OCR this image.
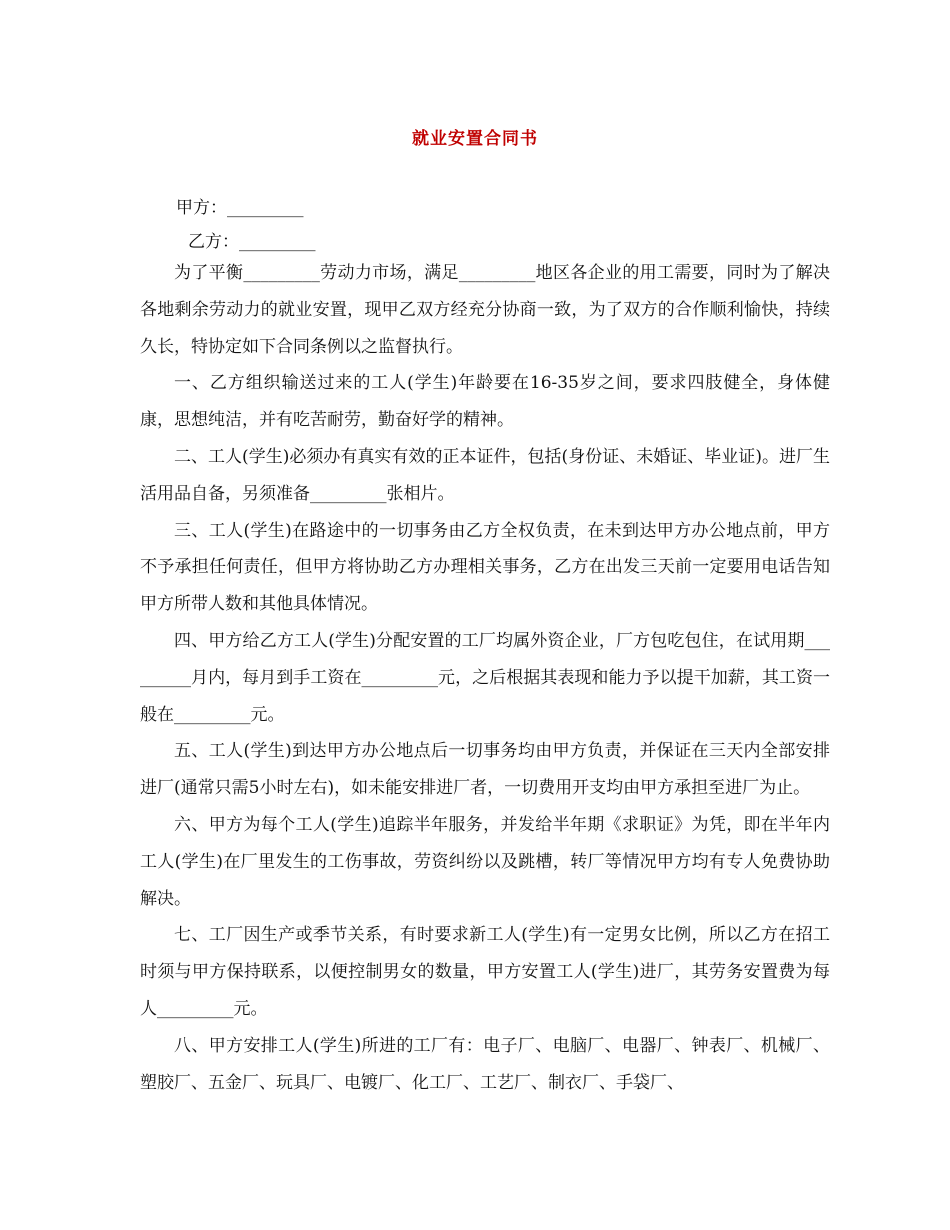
就业安置合同书
甲方：_________
乙方：_________

为了平衡_________劳动力市场，满足_________地区各企业的用工需要，同时为了解决各地剩余劳动力的就业安置，现甲乙双方经充分协商一致，为了双方的合作顺利愉快，持续久长，特协定如下合同条例以之监督执行。

一、乙方组织输送过来的工人(学生)年龄要在16-35岁之间，要求四肢健全，身体健康，思想纯洁，并有吃苦耐劳，勤奋好学的精神。

二、工人(学生)必须办有真实有效的正本证件，包括(身份证、未婚证、毕业证)。进厂生活用品自备，另须准备_________张相片。

三、工人(学生)在路途中的一切事务由乙方全权负责，在未到达甲方办公地点前，甲方不予承担任何责任，但甲方将协助乙方办理相关事务，乙方在出发三天前一定要用电话告知甲方所带人数和其他具体情况。

四、甲方给乙方工人(学生)分配安置的工厂均属外资企业，厂方包吃包住，在试用期_________月内，每月到手工资在_________元，之后根据其表现和能力予以提干加薪，其工资一般在_________元。

五、工人(学生)到达甲方办公地点后一切事务均由甲方负责，并保证在三天内全部安排进厂(通常只需5小时左右)，如未能安排进厂者，一切费用开支均由甲方承担至进厂为止。

六、甲方为每个工人(学生)追踪半年服务，并发给半年期《求职证》为凭，即在半年内工人(学生)在厂里发生的工伤事故，劳资纠纷以及跳槽，转厂等情况甲方均有专人免费协助解决。

七、工厂因生产或季节关系，有时要求新工人(学生)有一定男女比例，所以乙方在招工时须与甲方保持联系，以便控制男女的数量，甲方安置工人(学生)进厂，其劳务安置费为每人_________元。

八、甲方安排工人(学生)所进的工厂有：电子厂、电脑厂、电器厂、钟表厂、机械厂、塑胶厂、五金厂、玩具厂、电镀厂、化工厂、工艺厂、制衣厂、手袋厂、
